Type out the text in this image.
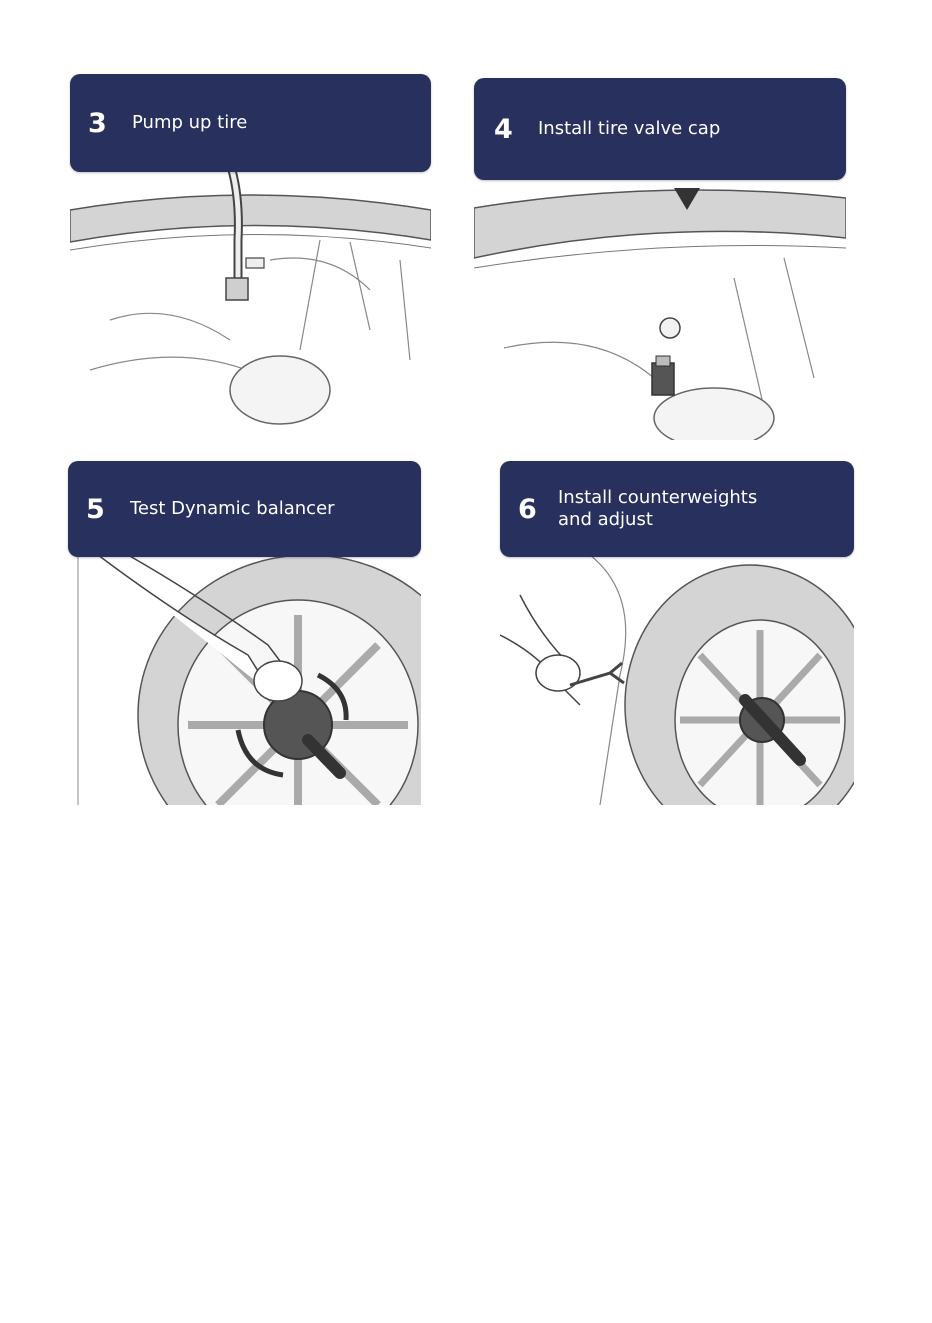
3	Pump up tire	4	Install tire valve cap
5	Test Dynamic balancer	6	Install counterweights
and adjust
